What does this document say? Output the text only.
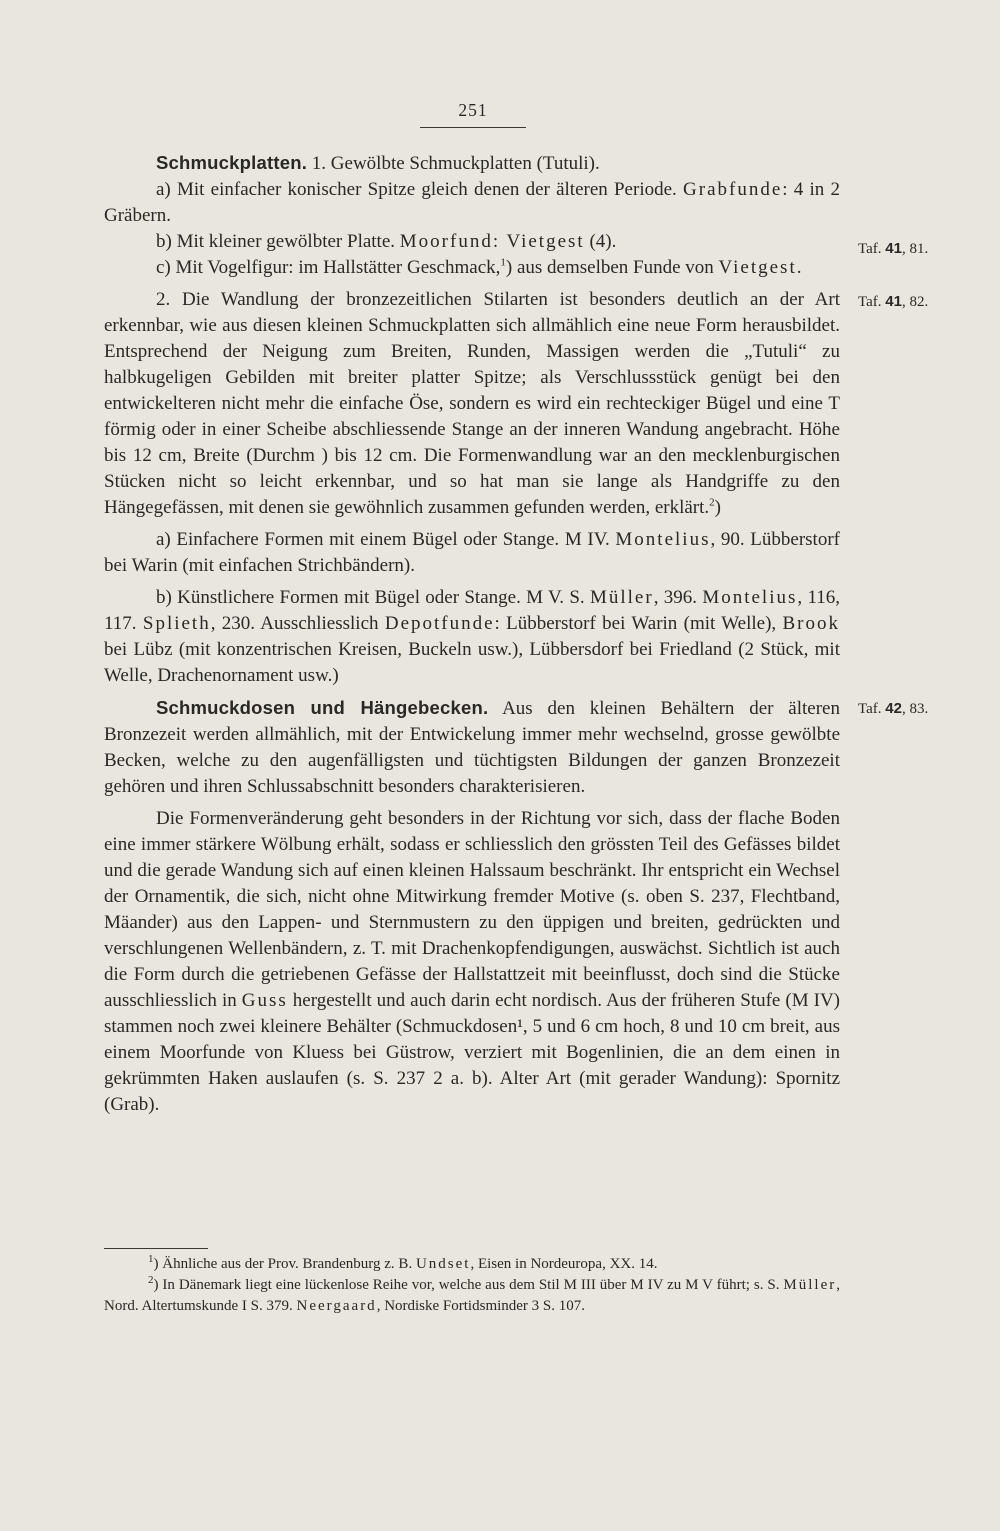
251

Schmuckplatten. 1. Gewölbte Schmuckplatten (Tutuli).

a) Mit einfacher konischer Spitze gleich denen der älteren Periode. Grabfunde: 4 in 2 Gräbern.

b) Mit kleiner gewölbter Platte. Moorfund: Vietgest (4).

c) Mit Vogelfigur: im Hallstätter Geschmack,$^1$) aus demselben Funde von Vietgest.

2. Die Wandlung der bronzezeitlichen Stilarten ist besonders deutlich an der Art erkennbar, wie aus diesen kleinen Schmuckplatten sich allmählich eine neue Form herausbildet. Entsprechend der Neigung zum Breiten, Runden, Massigen werden die „Tutuli“ zu halbkugeligen Gebilden mit breiter platter Spitze; als Verschlussstück genügt bei den entwickelteren nicht mehr die einfache Öse, sondern es wird ein rechteckiger Bügel und eine T förmig oder in einer Scheibe abschliessende Stange an der inneren Wandung angebracht. Höhe bis 12 cm, Breite (Durchm ) bis 12 cm. Die Formenwandlung war an den mecklenburgischen Stücken nicht so leicht erkennbar, und so hat man sie lange als Handgriffe zu den Hängegefässen, mit denen sie gewöhnlich zusammen gefunden werden, erklärt.$^2$)

a) Einfachere Formen mit einem Bügel oder Stange. M IV. Montelius, 90. Lübberstorf bei Warin (mit einfachen Strichbändern).

b) Künstlichere Formen mit Bügel oder Stange. M V. S. Müller, 396. Montelius, 116, 117. Splieth, 230. Ausschliesslich Depotfunde: Lübberstorf bei Warin (mit Welle), Brook bei Lübz (mit konzentrischen Kreisen, Buckeln usw.), Lübbersdorf bei Friedland (2 Stück, mit Welle, Drachenornament usw.)

Schmuckdosen und Hängebecken. Aus den kleinen Behältern der älteren Bronzezeit werden allmählich, mit der Entwickelung immer mehr wechselnd, grosse gewölbte Becken, welche zu den augenfälligsten und tüchtigsten Bildungen der ganzen Bronzezeit gehören und ihren Schlussabschnitt besonders charakterisieren.

Die Formenveränderung geht besonders in der Richtung vor sich, dass der flache Boden eine immer stärkere Wölbung erhält, sodass er schliesslich den grössten Teil des Gefässes bildet und die gerade Wandung sich auf einen kleinen Halssaum beschränkt. Ihr entspricht ein Wechsel der Ornamentik, die sich, nicht ohne Mitwirkung fremder Motive (s. oben S. 237, Flechtband, Mäander) aus den Lappen- und Sternmustern zu den üppigen und breiten, gedrückten und verschlungenen Wellenbändern, z. T. mit Drachenkopfendigungen, auswächst. Sichtlich ist auch die Form durch die getriebenen Gefässe der Hallstattzeit mit beeinflusst, doch sind die Stücke ausschliesslich in Guss hergestellt und auch darin echt nordisch. Aus der früheren Stufe (M IV) stammen noch zwei kleinere Behälter (Schmuckdosen¹, 5 und 6 cm hoch, 8 und 10 cm breit, aus einem Moorfunde von Kluess bei Güstrow, verziert mit Bogenlinien, die an dem einen in gekrümmten Haken auslaufen (s. S. 237 2 a. b). Alter Art (mit gerader Wandung): Spornitz (Grab).

Taf. 41, 81.
Taf. 41, 82.
Taf. 42, 83.

$^1$) Ähnliche aus der Prov. Brandenburg z. B. Undset, Eisen in Nordeuropa, XX. 14.

$^2$) In Dänemark liegt eine lückenlose Reihe vor, welche aus dem Stil M III über M IV zu M V führt; s. S. Müller, Nord. Altertumskunde I S. 379. Neergaard, Nordiske Fortidsminder 3 S. 107.
